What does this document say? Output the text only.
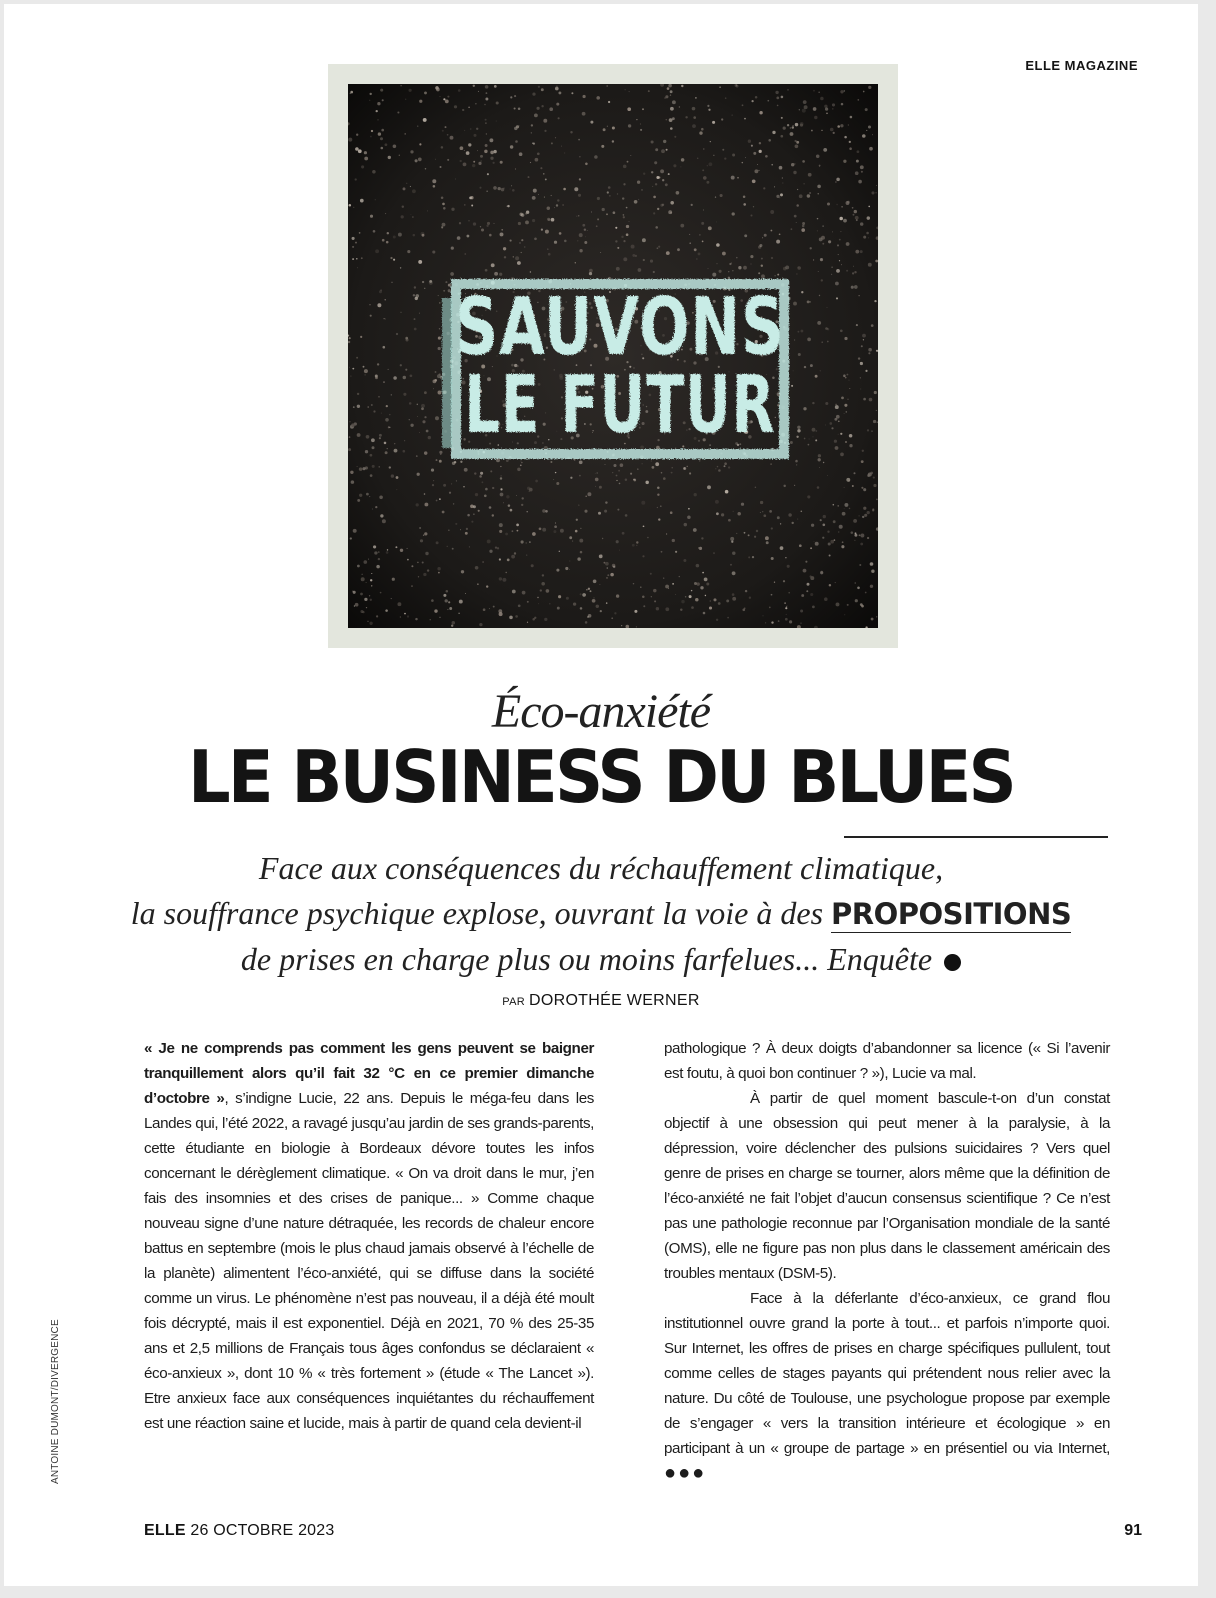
ELLE MAGAZINE
SAUVONS
LE FUTUR
Éco-anxiété
LE BUSINESS DU BLUES
Face aux conséquences du réchauffement climatique,
la souffrance psychique explose, ouvrant la voie à des PROPOSITIONS
de prises en charge plus ou moins farfelues... Enquête
PAR DOROTHÉE WERNER

« Je ne comprends pas comment les gens peuvent se baigner tranquillement alors qu’il fait 32 °C en ce premier dimanche d’octobre », s’indigne Lucie, 22 ans. Depuis le méga-feu dans les Landes qui, l’été 2022, a ravagé jusqu’au jardin de ses grands-parents, cette étudiante en biologie à Bordeaux dévore toutes les infos concernant le dérèglement climatique. « On va droit dans le mur, j’en fais des insomnies et des crises de panique... » Comme chaque nouveau signe d’une nature détraquée, les records de chaleur encore battus en septembre (mois le plus chaud jamais observé à l’échelle de la planète) alimentent l’éco-anxiété, qui se diffuse dans la société comme un virus. Le phénomène n’est pas nouveau, il a déjà été moult fois décrypté, mais il est exponentiel. Déjà en 2021, 70 % des 25-35 ans et 2,5 millions de Français tous âges confondus se déclaraient « éco-anxieux », dont 10 % « très fortement » (étude « The Lancet »). Etre anxieux face aux conséquences inquiétantes du réchauffement est une réaction saine et lucide, mais à partir de quand cela devient-il

pathologique ? À deux doigts d’abandonner sa licence (« Si l’avenir est foutu, à quoi bon continuer ? »), Lucie va mal.

À partir de quel moment bascule-t-on d’un constat objectif à une obsession qui peut mener à la paralysie, à la dépression, voire déclencher des pulsions suicidaires ? Vers quel genre de prises en charge se tourner, alors même que la définition de l’éco-anxiété ne fait l’objet d’aucun consensus scientifique ? Ce n’est pas une pathologie reconnue par l’Organisation mondiale de la santé (OMS), elle ne figure pas non plus dans le classement américain des troubles mentaux (DSM-5).

Face à la déferlante d’éco-anxieux, ce grand flou institutionnel ouvre grand la porte à tout... et parfois n’importe quoi. Sur Internet, les offres de prises en charge spécifiques pullulent, tout comme celles de stages payants qui prétendent nous relier avec la nature. Du côté de Toulouse, une psychologue propose par exemple de s’engager « vers la transition intérieure et écologique » en participant à un « groupe de partage » en présentiel ou via Internet, ●●●

ANTOINE DUMONT/DIVERGENCE
ELLE 26 OCTOBRE 2023	91
